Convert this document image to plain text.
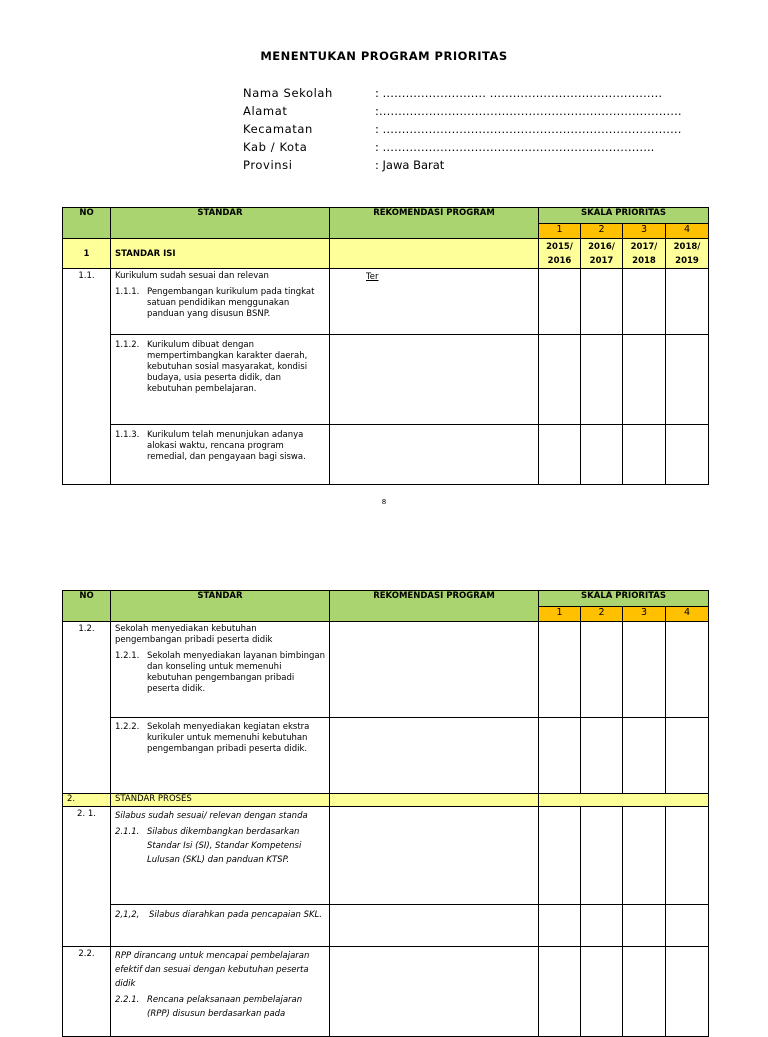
MENENTUKAN PROGRAM PRIORITAS
Nama Sekolah	: ……………………… ………………………………………
Alamat	:…………………………………………………………………….
Kecamatan	: ……………………………………………………………………
Kab / Kota	: ……………………………………………………………..
Provinsi	: Jawa Barat
NO	STANDAR	REKOMENDASI PROGRAM	SKALA PRIORITAS			
			1	2	3	4
1	STANDAR ISI		2015/ 2016	2016/ 2017	2017/ 2018	2018/ 2019
1.1.	Kurikulum sudah sesuai dan relevan
1.1.1. Pengembangan kurikulum pada tingkat satuan pendidikan menggunakan panduan yang disusun BSNP.	Ter				

	1.1.2. Kurikulum dibuat dengan mempertimbangkan karakter daerah, kebutuhan sosial masyarakat, kondisi budaya, usia peserta didik, dan kebutuhan pembelajaran.					

	1.1.3. Kurikulum telah menunjukan adanya alokasi waktu, rencana program remedial, dan pengayaan bagi siswa.					

8
NO	STANDAR	REKOMENDASI PROGRAM	SKALA PRIORITAS			
			1	2	3	4
1.2.	Sekolah menyediakan kebutuhan pengembangan pribadi peserta didik
1.2.1. Sekolah menyediakan layanan bimbingan dan konseling untuk memenuhi kebutuhan pengembangan pribadi peserta didik.					

	1.2.2. Sekolah menyediakan kegiatan ekstra kurikuler untuk memenuhi kebutuhan pengembangan pribadi peserta didik.					

2.	STANDAR PROSES					
2. 1.	Silabus sudah sesuai/ relevan dengan standa
2.1.1. Silabus dikembangkan berdasarkan Standar Isi (SI), Standar Kompetensi Lulusan (SKL) dan panduan KTSP.					

	2,1,2, Silabus diarahkan pada pencapaian SKL.					

2.2.	RPP dirancang untuk mencapai pembelajaran efektif dan sesuai dengan kebutuhan peserta didik
2.2.1. Rencana pelaksanaan pembelajaran (RPP) disusun berdasarkan pada					
